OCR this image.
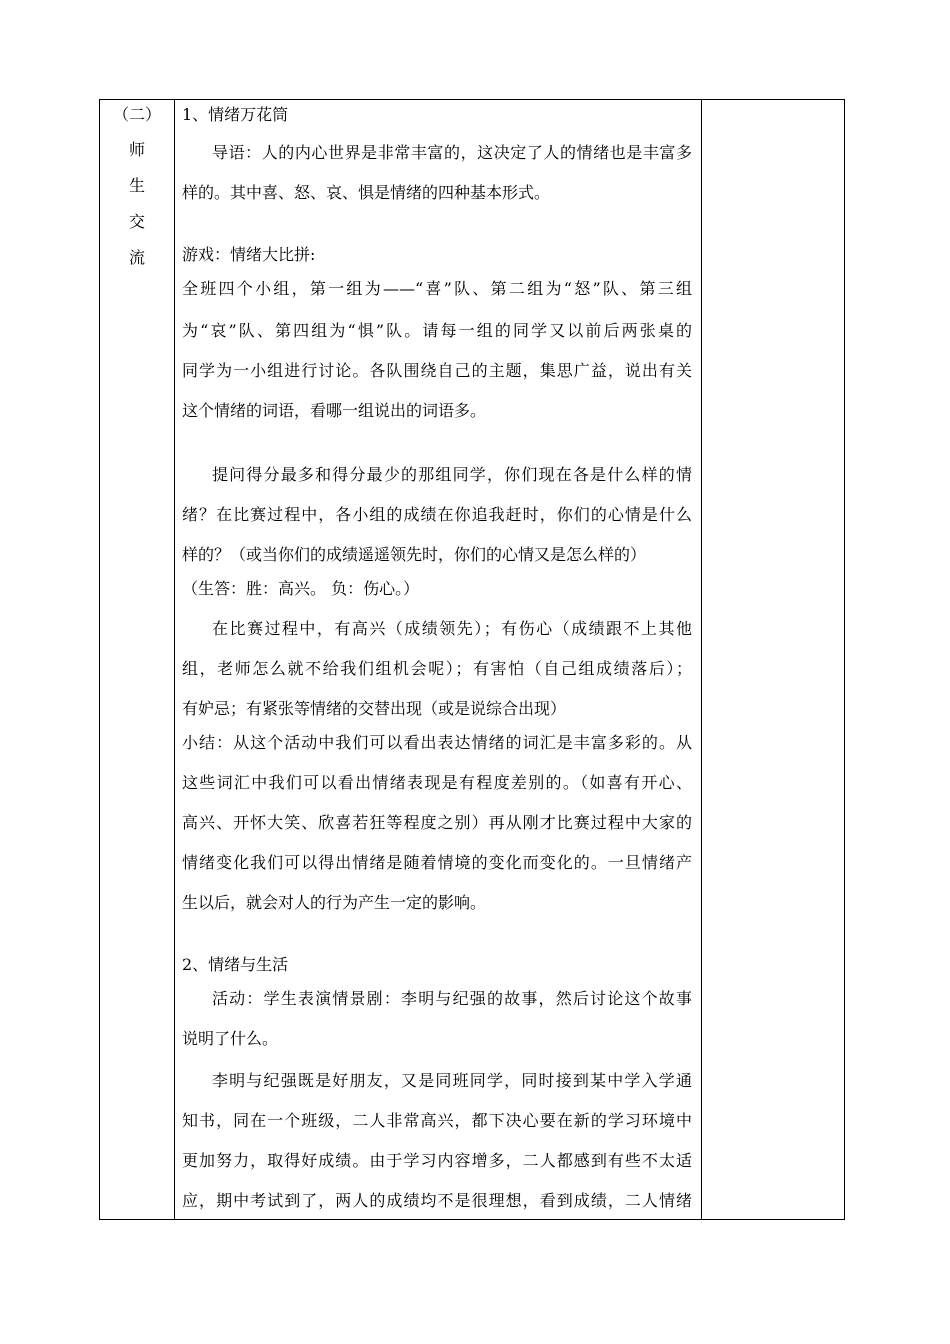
（二）
师
生
交
流
1、情绪万花筒
导语：人的内心世界是非常丰富的，这决定了人的情绪也是丰富多
样的。其中喜、怒、哀、惧是情绪的四种基本形式。
游戏：情绪大比拼:
全班四个小组，第一组为——“喜”队、第二组为“怒”队、第三组
为“哀”队、第四组为“惧”队。请每一组的同学又以前后两张桌的
同学为一小组进行讨论。各队围绕自己的主题，集思广益，说出有关
这个情绪的词语，看哪一组说出的词语多。
提问得分最多和得分最少的那组同学，你们现在各是什么样的情
绪？在比赛过程中，各小组的成绩在你追我赶时，你们的心情是什么
样的？（或当你们的成绩遥遥领先时，你们的心情又是怎么样的）
（生答：胜：高兴。 负：伤心。）
在比赛过程中，有高兴（成绩领先）；有伤心（成绩跟不上其他
组，老师怎么就不给我们组机会呢）；有害怕（自己组成绩落后）；
有妒忌；有紧张等情绪的交替出现（或是说综合出现）
小结：从这个活动中我们可以看出表达情绪的词汇是丰富多彩的。从
这些词汇中我们可以看出情绪表现是有程度差别的。（如喜有开心、
高兴、开怀大笑、欣喜若狂等程度之别）再从刚才比赛过程中大家的
情绪变化我们可以得出情绪是随着情境的变化而变化的。一旦情绪产
生以后，就会对人的行为产生一定的影响。
2、情绪与生活
活动：学生表演情景剧：李明与纪强的故事，然后讨论这个故事
说明了什么。
李明与纪强既是好朋友，又是同班同学，同时接到某中学入学通
知书，同在一个班级，二人非常高兴，都下决心要在新的学习环境中
更加努力，取得好成绩。由于学习内容增多，二人都感到有些不太适
应，期中考试到了，两人的成绩均不是很理想，看到成绩，二人情绪
